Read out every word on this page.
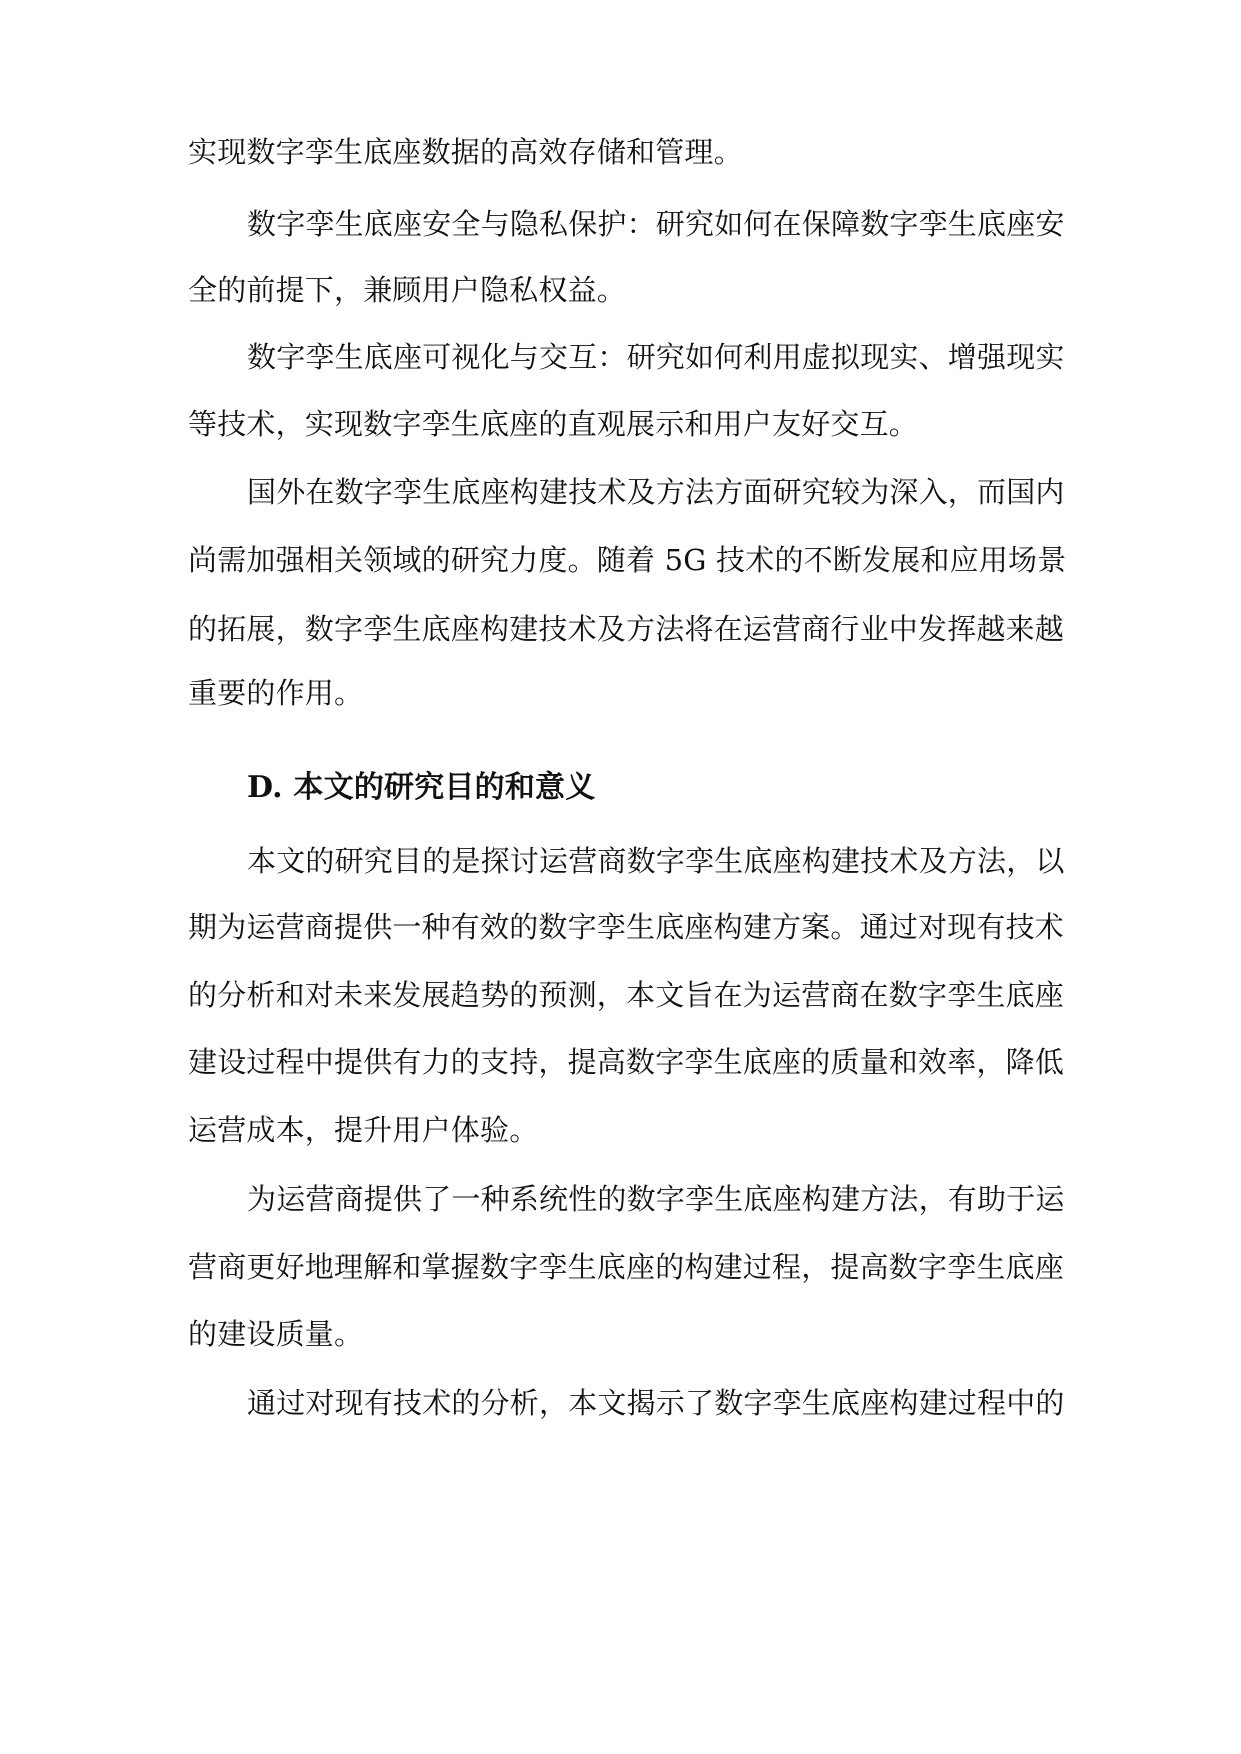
实现数字孪生底座数据的高效存储和管理。
数字孪生底座安全与隐私保护：研究如何在保障数字孪生底座安
全的前提下，兼顾用户隐私权益。
数字孪生底座可视化与交互：研究如何利用虚拟现实、增强现实
等技术，实现数字孪生底座的直观展示和用户友好交互。
国外在数字孪生底座构建技术及方法方面研究较为深入，而国内
尚需加强相关领域的研究力度。随着 5G 技术的不断发展和应用场景
的拓展，数字孪生底座构建技术及方法将在运营商行业中发挥越来越
重要的作用。
D. 本文的研究目的和意义
本文的研究目的是探讨运营商数字孪生底座构建技术及方法，以
期为运营商提供一种有效的数字孪生底座构建方案。通过对现有技术
的分析和对未来发展趋势的预测，本文旨在为运营商在数字孪生底座
建设过程中提供有力的支持，提高数字孪生底座的质量和效率，降低
运营成本，提升用户体验。
为运营商提供了一种系统性的数字孪生底座构建方法，有助于运
营商更好地理解和掌握数字孪生底座的构建过程，提高数字孪生底座
的建设质量。
通过对现有技术的分析，本文揭示了数字孪生底座构建过程中的
